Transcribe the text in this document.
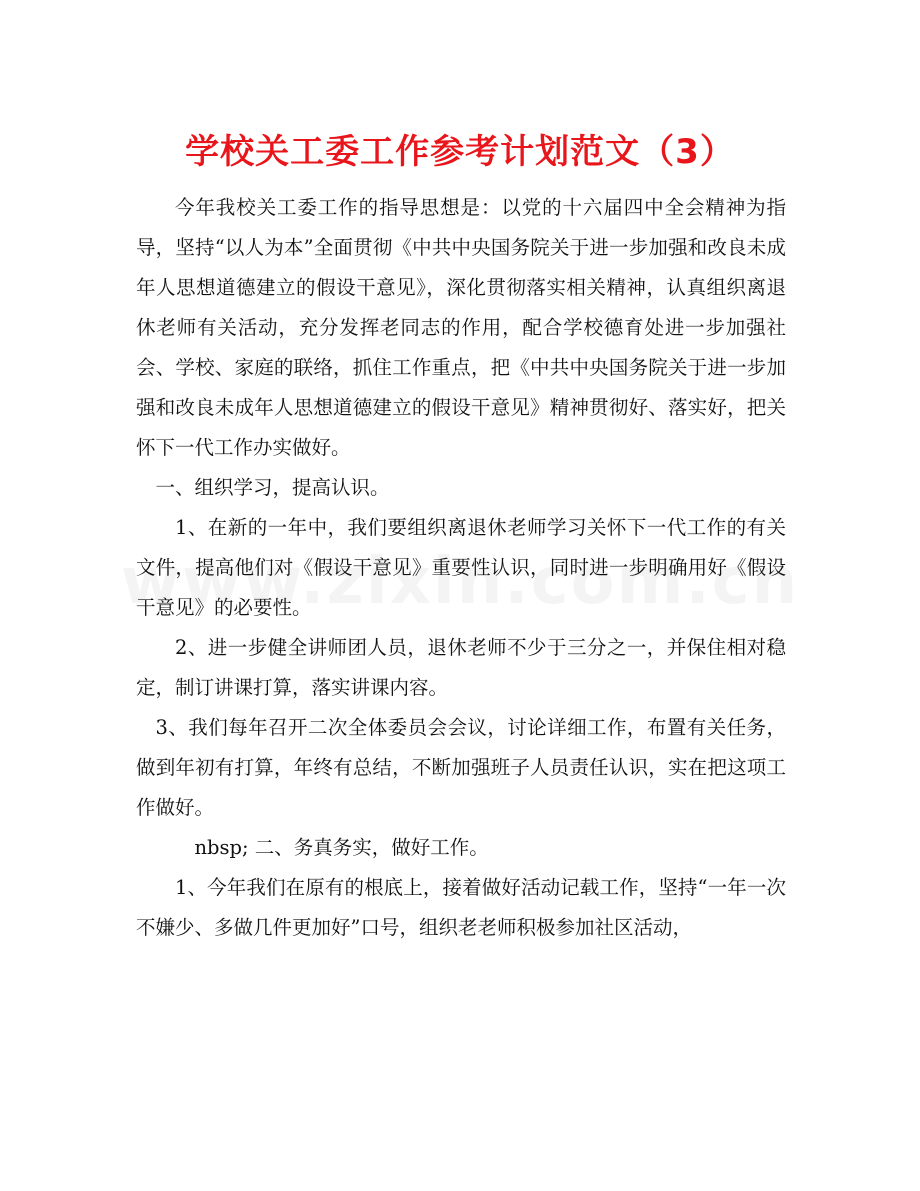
学校关工委工作参考计划范文（3）

今年我校关工委工作的指导思想是：以党的十六届四中全会精神为指导，坚持“以人为本”全面贯彻《中共中央国务院关于进一步加强和改良未成年人思想道德建立的假设干意见》，深化贯彻落实相关精神，认真组织离退休老师有关活动，充分发挥老同志的作用，配合学校德育处进一步加强社会、学校、家庭的联络，抓住工作重点，把《中共中央国务院关于进一步加强和改良未成年人思想道德建立的假设干意见》精神贯彻好、落实好，把关怀下一代工作办实做好。

一、组织学习，提高认识。

1、在新的一年中，我们要组织离退休老师学习关怀下一代工作的有关文件，提高他们对《假设干意见》重要性认识，同时进一步明确用好《假设干意见》的必要性。

2、进一步健全讲师团人员，退休老师不少于三分之一，并保住相对稳定，制订讲课打算，落实讲课内容。

3、我们每年召开二次全体委员会会议，讨论详细工作，布置有关任务，做到年初有打算，年终有总结，不断加强班子人员责任认识，实在把这项工作做好。

nbsp; 二、务真务实，做好工作。

1、今年我们在原有的根底上，接着做好活动记载工作，坚持“一年一次不嫌少、多做几件更加好”口号，组织老老师积极参加社区活动，
